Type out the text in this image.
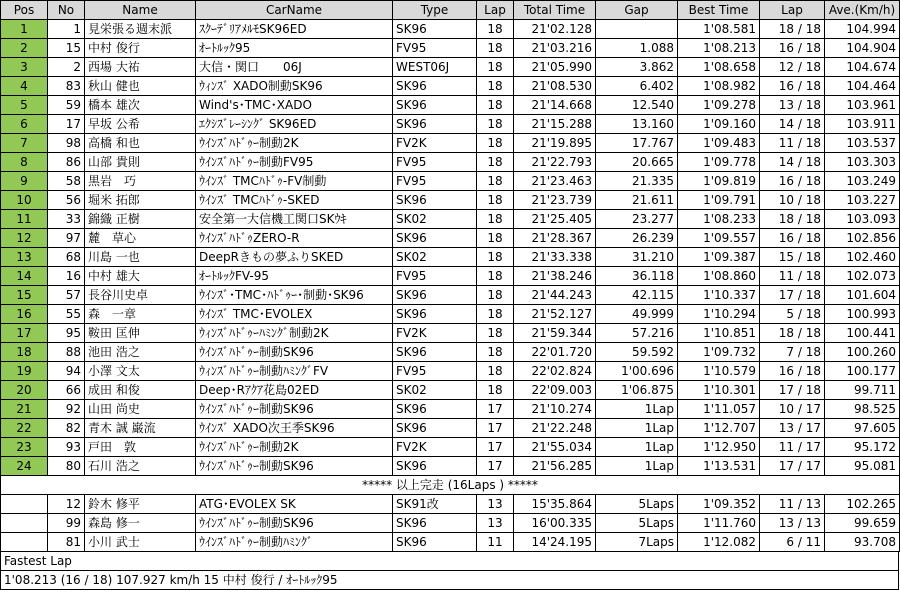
Pos	No	Name	CarName	Type	Lap	Total Time	Gap	Best Time	Lap	Ave.(Km/h)
1	1	見栄張る週末派	ｽｸｰﾃﾞﾘｱﾒﾙﾓSK96ED	SK96	18	21'02.128		1'08.581	18 / 18	104.994
2	15	中村 俊行	ｵｰﾄﾙｯｸ95	FV95	18	21'03.216	1.088	1'08.213	16 / 18	104.904
3	2	西場 大祐	大信・関口　　06J	WEST06J	18	21'05.990	3.862	1'08.658	12 / 18	104.674
4	83	秋山 健也	ｳｨﾝｽﾞ XADO制動SK96	SK96	18	21'08.530	6.402	1'08.982	16 / 18	104.464
5	59	橋本 雄次	Wind's･TMC･XADO	SK96	18	21'14.668	12.540	1'09.278	13 / 18	103.961
6	17	早坂 公希	ｴｸｼｽﾞﾚｰｼﾝｸﾞ SK96ED	SK96	18	21'15.288	13.160	1'09.160	14 / 18	103.911
7	98	高橋 和也	ｳｲﾝｽﾞﾊﾄﾞｩｰ制動2K	FV2K	18	21'19.895	17.767	1'09.483	11 / 18	103.537
8	86	山部 貴則	ｳｲﾝｽﾞﾊﾄﾞｩｰ制動FV95	FV95	18	21'22.793	20.665	1'09.778	14 / 18	103.303
9	58	黒岩　巧	ｳｲﾝｽﾞ TMCﾊﾄﾞｩ-FV制動	FV95	18	21'23.463	21.335	1'09.819	16 / 18	103.249
10	56	堀米 拓郎	ｳｲﾝｽﾞ TMCﾊﾄﾞｩ-SKED	SK96	18	21'23.739	21.611	1'09.791	10 / 18	103.227
11	33	錦織 正樹	安全第一大信機工関口SKｳｷ	SK02	18	21'25.405	23.277	1'08.233	18 / 18	103.093
12	97	麓　草心	ｳｲﾝｽﾞﾊﾄﾞｩZERO-R	SK96	18	21'28.367	26.239	1'09.557	16 / 18	102.856
13	68	川島 一也	DeepRきもの夢ふりSKED	SK02	18	21'33.338	31.210	1'09.387	15 / 18	102.460
14	16	中村 雄大	ｵｰﾄﾙｯｸFV-95	FV95	18	21'38.246	36.118	1'08.860	11 / 18	102.073
15	57	長谷川史卓	ｳｲﾝｽﾞ･TMC･ﾊﾄﾞｩｰ･制動･SK96	SK96	18	21'44.243	42.115	1'10.337	17 / 18	101.604
16	55	森　一章	ｳｲﾝｽﾞ TMC･EVOLEX	SK96	18	21'52.127	49.999	1'10.294	5 / 18	100.993
17	95	鞍田 匡伸	ｳｨﾝｽﾞﾊﾄﾞｩｰﾊﾐﾝｸﾞ制動2K	FV2K	18	21'59.344	57.216	1'10.851	18 / 18	100.441
18	88	池田 浩之	ｳｲﾝｽﾞﾊﾄﾞｩｰ制動SK96	SK96	18	22'01.720	59.592	1'09.732	7 / 18	100.260
19	94	小澤 文太	ｳｨﾝｽﾞﾊﾄﾞｩｰ制動ﾊﾐﾝｸﾞFV	FV95	18	22'02.824	1'00.696	1'10.579	16 / 18	100.177
20	66	成田 和俊	Deep･Rｱｸｱ花島02ED	SK02	18	22'09.003	1'06.875	1'10.301	17 / 18	99.711
21	92	山田 尚史	ｳｲﾝｽﾞﾊﾄﾞｩｰ制動SK96	SK96	17	21'10.274	1Lap	1'11.057	10 / 17	98.525
22	82	青木 誠 巌流	ｳｲﾝｽﾞ XADO次王季SK96	SK96	17	21'22.248	1Lap	1'12.707	13 / 17	97.605
23	93	戸田　敦	ｳｲﾝｽﾞﾊﾄﾞｩｰ制動2K	FV2K	17	21'55.034	1Lap	1'12.950	11 / 17	95.172
24	80	石川 浩之	ｳｲﾝｽﾞﾊﾄﾞｩｰ制動SK96	SK96	17	21'56.285	1Lap	1'13.531	17 / 17	95.081
***** 以上完走 (16Laps ) *****										
	12	鈴木 修平	ATG･EVOLEX SK	SK91改	13	15'35.864	5Laps	1'09.352	11 / 13	102.265
	99	森島 修一	ｳｲﾝｽﾞﾊﾄﾞｩｰ制動SK96	SK96	13	16'00.335	5Laps	1'11.760	13 / 13	99.659
	81	小川 武士	ｳｲﾝｽﾞﾊﾄﾞｩｰ制動ﾊﾐﾝｸﾞ	SK96	11	14'24.195	7Laps	1'12.082	6 / 11	93.708
Fastest Lap
1'08.213 (16 / 18) 107.927 km/h 15 中村 俊行 / ｵｰﾄﾙｯｸ95
